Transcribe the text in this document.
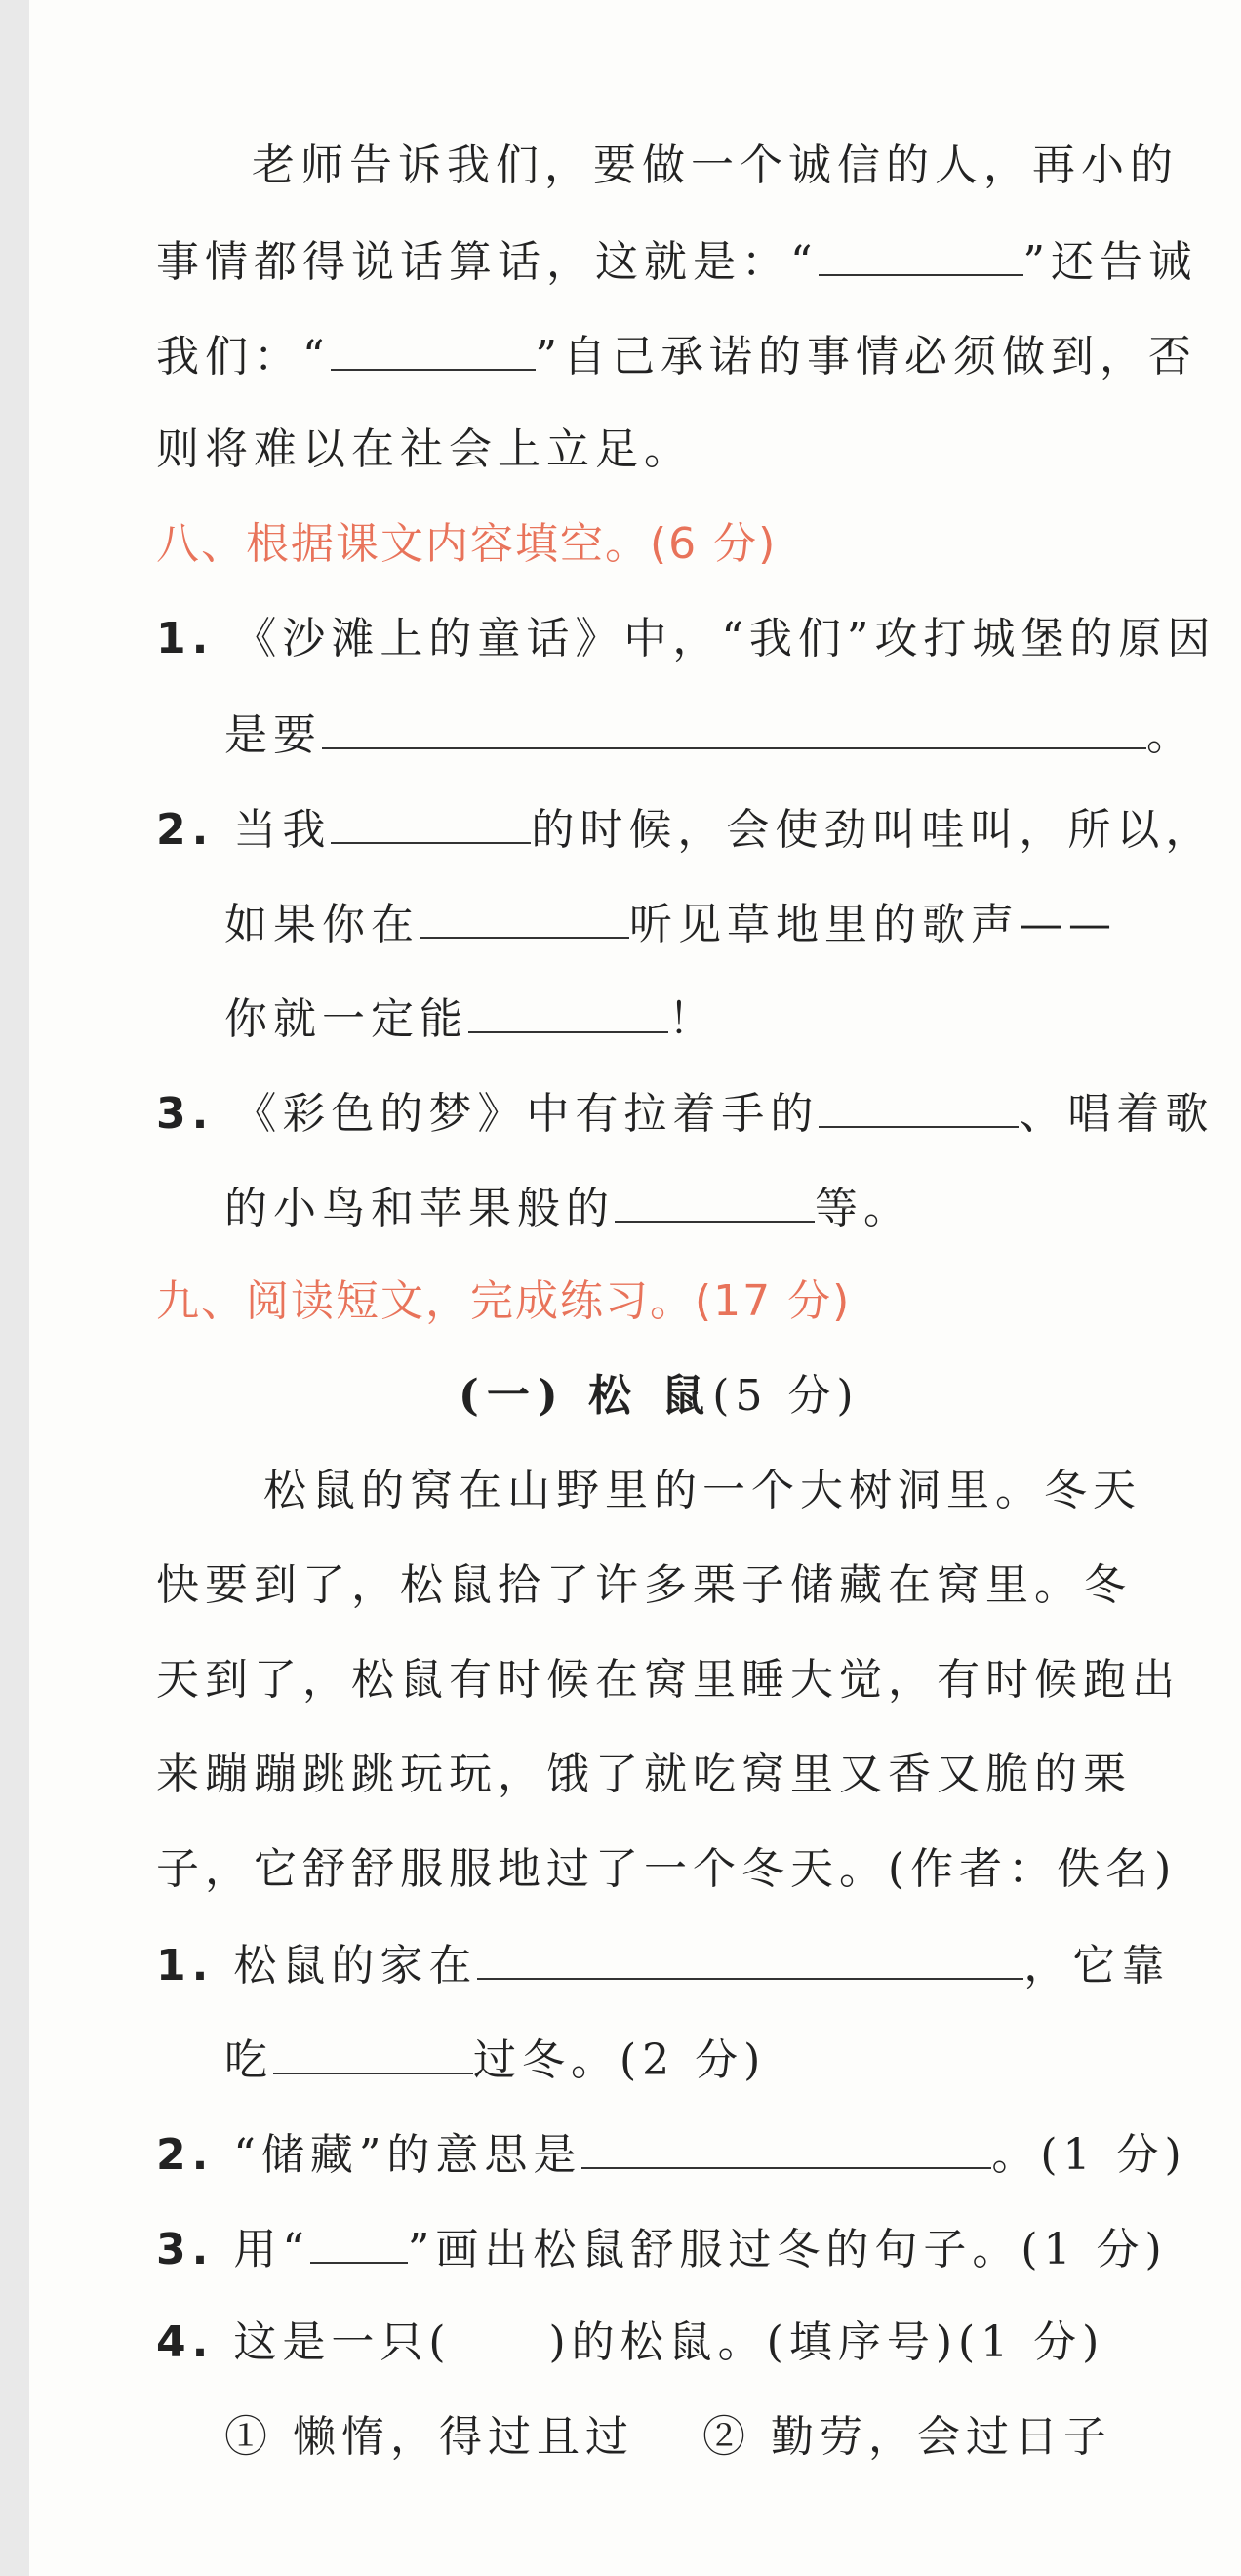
老师告诉我们，要做一个诚信的人，再小的
事情都得说话算话，这就是：“	”还告诫
我们：“	”自己承诺的事情必须做到，否
则将难以在社会上立足。
八、根据课文内容填空。(6 分)
1. 《沙滩上的童话》中，“我们”攻打城堡的原因
是要	。
2. 当我	的时候，会使劲叫哇叫，所以，
如果你在	听见草地里的歌声——
你就一定能	！
3. 《彩色的梦》中有拉着手的	、唱着歌
的小鸟和苹果般的	等。
九、阅读短文，完成练习。(17 分)
(一) 松 鼠(5 分)
松鼠的窝在山野里的一个大树洞里。冬天
快要到了，松鼠拾了许多栗子储藏在窝里。冬
天到了，松鼠有时候在窝里睡大觉，有时候跑出
来蹦蹦跳跳玩玩，饿了就吃窝里又香又脆的栗
子，它舒舒服服地过了一个冬天。(作者：佚名)
1. 松鼠的家在	，它靠
吃	过冬。(2 分)
2. “储藏”的意思是	。(1 分)
3. 用“ ”画出松鼠舒服过冬的句子。(1 分)
4. 这是一只( )的松鼠。(填序号)(1 分)
① 懒惰，得过且过 ② 勤劳，会过日子
